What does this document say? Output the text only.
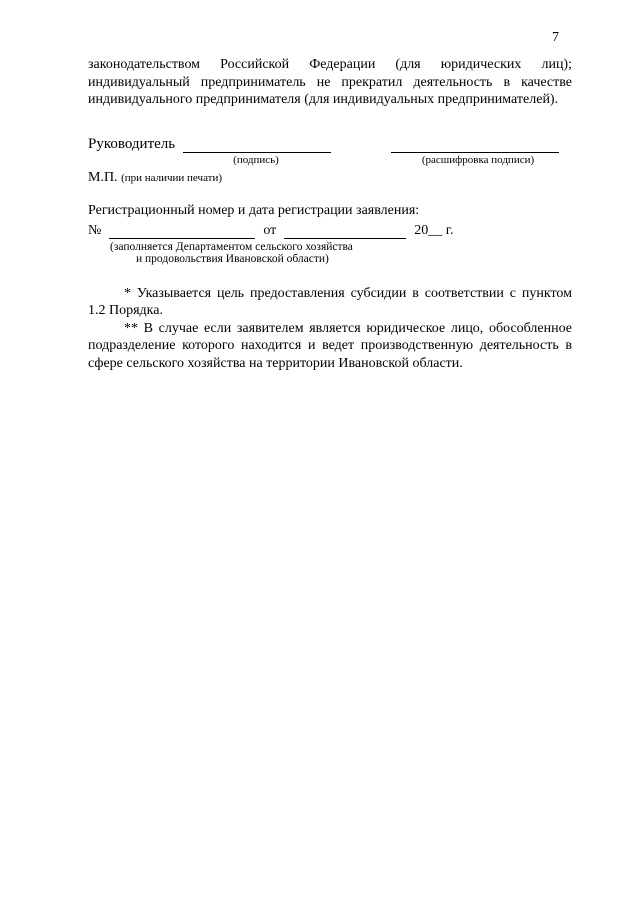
7

законодательством Российской Федерации (для юридических лиц); индивидуальный предприниматель не прекратил деятельность в качестве индивидуального предпринимателя (для индивидуальных предпринимателей).

Руководитель
(подпись)	(расшифровка подписи)
М.П. (при наличии печати)

Регистрационный номер и дата регистрации заявления:

№	от	20__ г.

(заполняется Департаментом сельского хозяйства

и продовольствия Ивановской области)

* Указывается цель предоставления субсидии в соответствии с пунктом 1.2 Порядка.

** В случае если заявителем является юридическое лицо, обособленное подразделение которого находится и ведет производственную деятельность в сфере сельского хозяйства на территории Ивановской области.
